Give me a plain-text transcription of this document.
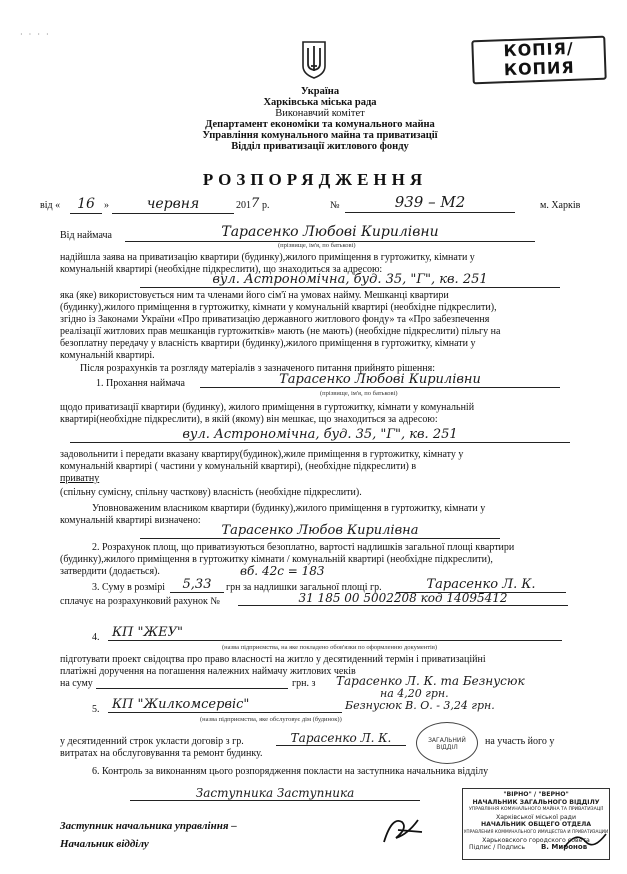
· · · ·
КОПІЯ/
КОПИЯ
Україна
Харківська міська рада
Виконавчий комітет
Департамент економіки та комунального майна
Управління комунального майна та приватизації
Відділ приватизації житлового фонду
РОЗПОРЯДЖЕННЯ
від «	16 »	червня	201 7 р.	№	939 – М2	м. Харків
Від наймача	Тарасенко Любові Кирилівни
(прізвище, ім'я, по батькові)
надійшла заява на приватизацію квартири (будинку),жилого приміщення в гуртожитку, кімнати у
комунальній квартирі (необхідне підкреслити), що знаходиться за адресою:
вул. Астрономічна, буд. 35, "Г", кв. 251
яка (яке) використовується ним та членами його сім'ї на умовах найму. Мешканці квартири
(будинку),жилого приміщення в гуртожитку, кімнати у комунальній квартирі (необхідне підкреслити),
згідно із Законами України «Про приватизацію державного житлового фонду» та «Про забезпечення
реалізації житлових прав мешканців гуртожитків» мають (не мають) (необхідне підкреслити) пільгу на
безоплатну передачу у власність квартири (будинку),жилого приміщення в гуртожитку, кімнати у
комунальній квартирі.
Після розрахунків та розгляду матеріалів з зазначеного питання прийнято рішення:
1. Прохання наймача	Тарасенко Любові Кирилівни
(прізвище, ім'я, по батькові)
щодо приватизації квартири (будинку), жилого приміщення в гуртожитку, кімнати у комунальній
квартирі(необхідне підкреслити), в якій (якому) він мешкає, що знаходиться за адресою:
вул. Астрономічна, буд. 35, "Г", кв. 251
задовольнити і передати вказану квартиру(будинок),жиле приміщення в гуртожитку, кімнату у
комунальній квартирі ( частини у комунальній квартирі), (необхідне підкреслити) в
приватну
(спільну сумісну, спільну часткову) власність (необхідне підкреслити).
Уповноваженим власником квартири (будинку),жилого приміщення в гуртожитку, кімнати у
комунальній квартирі визначено:
Тарасенко Любов Кирилівна
2. Розрахунок площ, що приватизуються безоплатно, вартості надлишків загальної площі квартири
(будинку),жилого приміщення в гуртожитку кімнати / комунальній квартирі (необхідне підкреслити),
затвердити (додається).	вб. 42с = 183
3. Суму в розмірі	5,33	грн за надлишки загальної площі гр.	Тарасенко Л. К.
сплачує на розрахунковий рахунок №	31 185 00 5002208 код 14095412
4. КП "ЖЕУ"
(назва підприємства, на яке покладено обов'язки по оформленню документів)
підготувати проект свідоцтва про право власності на житло у десятиденний термін і приватизаційні
платіжні доручення на погашення належних наймачу житлових чеків
на суму	грн. з Тарасенко Л. К. та Безнусюк
на 4,20 грн.
5. КП "Жилкомсервіс"	Безнусюк В. О. - 3,24 грн.
(назва підприємства, яке обслуговує дім (будинок))
у десятиденний строк укласти договір з гр.	Тарасенко Л. К.	на участь його у
витратах на обслуговування та ремонт будинку.
ЗАГАЛЬНИЙ
ВІДДІЛ
6. Контроль за виконанням цього розпорядження покласти на заступника начальника відділу
Заступника Заступника	"ВІРНО" / "ВЕРНО"
НАЧАЛЬНИК ЗАГАЛЬНОГО ВІДДІЛУ
УПРАВЛІННЯ КОМУНАЛЬНОГО МАЙНА ТА ПРИВАТИЗАЦІЇ
Харківської міської ради
НАЧАЛЬНИК ОБЩЕГО ОТДЕЛА
УПРАВЛЕНИЯ КОММУНАЛЬНОГО ИМУЩЕСТВА И ПРИВАТИЗАЦИИ
Харьковского городского совета
Підпис / Подпись В. Миронов
Заступник начальника управління –
Начальник відділу
